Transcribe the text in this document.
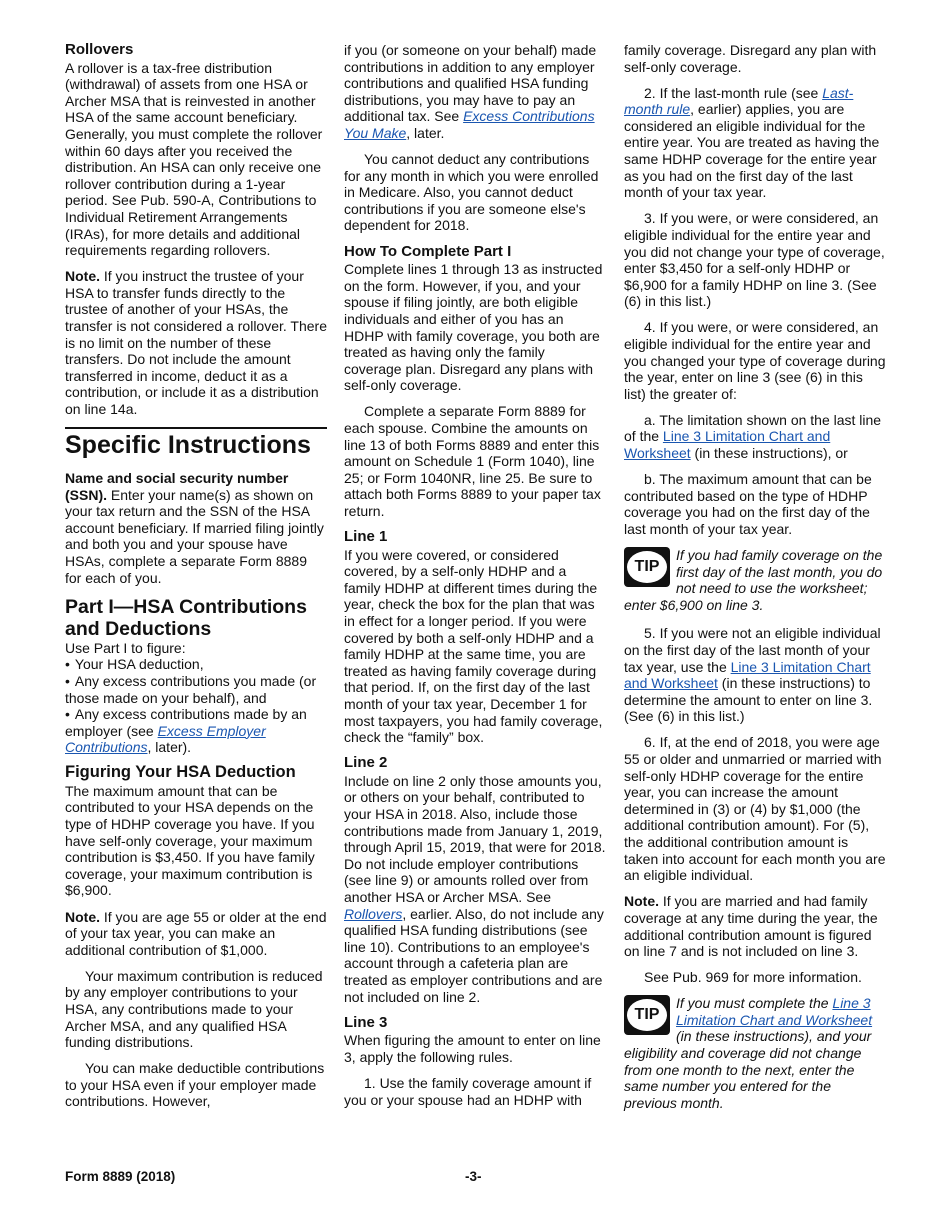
Rollovers

A rollover is a tax-free distribution (withdrawal) of assets from one HSA or Archer MSA that is reinvested in another HSA of the same account beneficiary. Generally, you must complete the rollover within 60 days after you received the distribution. An HSA can only receive one rollover contribution during a 1-year period. See Pub. 590-A, Contributions to Individual Retirement Arrangements (IRAs), for more details and additional requirements regarding rollovers.

Note. If you instruct the trustee of your HSA to transfer funds directly to the trustee of another of your HSAs, the transfer is not considered a rollover. There is no limit on the number of these transfers. Do not include the amount transferred in income, deduct it as a contribution, or include it as a distribution on line 14a.

Specific Instructions

Name and social security number (SSN). Enter your name(s) as shown on your tax return and the SSN of the HSA account beneficiary. If married filing jointly and both you and your spouse have HSAs, complete a separate Form 8889 for each of you.

Part I—HSA Contributions and Deductions

Use Part I to figure:

• Your HSA deduction,
• Any excess contributions you made (or those made on your behalf), and
• Any excess contributions made by an employer (see Excess Employer Contributions, later).
Figuring Your HSA Deduction

The maximum amount that can be contributed to your HSA depends on the type of HDHP coverage you have. If you have self-only coverage, your maximum contribution is $3,450. If you have family coverage, your maximum contribution is $6,900.

Note. If you are age 55 or older at the end of your tax year, you can make an additional contribution of $1,000.

Your maximum contribution is reduced by any employer contributions to your HSA, any contributions made to your Archer MSA, and any qualified HSA funding distributions.

You can make deductible contributions to your HSA even if your employer made contributions. However,

if you (or someone on your behalf) made contributions in addition to any employer contributions and qualified HSA funding distributions, you may have to pay an additional tax. See Excess Contributions You Make, later.

You cannot deduct any contributions for any month in which you were enrolled in Medicare. Also, you cannot deduct contributions if you are someone else's dependent for 2018.

How To Complete Part I

Complete lines 1 through 13 as instructed on the form. However, if you, and your spouse if filing jointly, are both eligible individuals and either of you has an HDHP with family coverage, you both are treated as having only the family coverage plan. Disregard any plans with self-only coverage.

Complete a separate Form 8889 for each spouse. Combine the amounts on line 13 of both Forms 8889 and enter this amount on Schedule 1 (Form 1040), line 25; or Form 1040NR, line 25. Be sure to attach both Forms 8889 to your paper tax return.

Line 1

If you were covered, or considered covered, by a self-only HDHP and a family HDHP at different times during the year, check the box for the plan that was in effect for a longer period. If you were covered by both a self-only HDHP and a family HDHP at the same time, you are treated as having family coverage during that period. If, on the first day of the last month of your tax year, December 1 for most taxpayers, you had family coverage, check the “family” box.

Line 2

Include on line 2 only those amounts you, or others on your behalf, contributed to your HSA in 2018. Also, include those contributions made from January 1, 2019, through April 15, 2019, that were for 2018. Do not include employer contributions (see line 9) or amounts rolled over from another HSA or Archer MSA. See Rollovers, earlier. Also, do not include any qualified HSA funding distributions (see line 10). Contributions to an employee's account through a cafeteria plan are treated as employer contributions and are not included on line 2.

Line 3

When figuring the amount to enter on line 3, apply the following rules.

1. Use the family coverage amount if you or your spouse had an HDHP with

family coverage. Disregard any plan with self-only coverage.

2. If the last-month rule (see Last-month rule, earlier) applies, you are considered an eligible individual for the entire year. You are treated as having the same HDHP coverage for the entire year as you had on the first day of the last month of your tax year.

3. If you were, or were considered, an eligible individual for the entire year and you did not change your type of coverage, enter $3,450 for a self-only HDHP or $6,900 for a family HDHP on line 3. (See (6) in this list.)

4. If you were, or were considered, an eligible individual for the entire year and you changed your type of coverage during the year, enter on line 3 (see (6) in this list) the greater of:

a. The limitation shown on the last line of the Line 3 Limitation Chart and Worksheet (in these instructions), or

b. The maximum amount that can be contributed based on the type of HDHP coverage you had on the first day of the last month of your tax year.

TIP
If you had family coverage on the first day of the last month, you do not need to use the worksheet; enter $6,900 on line 3.

5. If you were not an eligible individual on the first day of the last month of your tax year, use the Line 3 Limitation Chart and Worksheet (in these instructions) to determine the amount to enter on line 3. (See (6) in this list.)

6. If, at the end of 2018, you were age 55 or older and unmarried or married with self-only HDHP coverage for the entire year, you can increase the amount determined in (3) or (4) by $1,000 (the additional contribution amount). For (5), the additional contribution amount is taken into account for each month you are an eligible individual.

Note. If you are married and had family coverage at any time during the year, the additional contribution amount is figured on line 7 and is not included on line 3.

See Pub. 969 for more information.

TIP
If you must complete the Line 3 Limitation Chart and Worksheet (in these instructions), and your eligibility and coverage did not change from one month to the next, enter the same number you entered for the previous month.
Form 8889 (2018)	-3-
